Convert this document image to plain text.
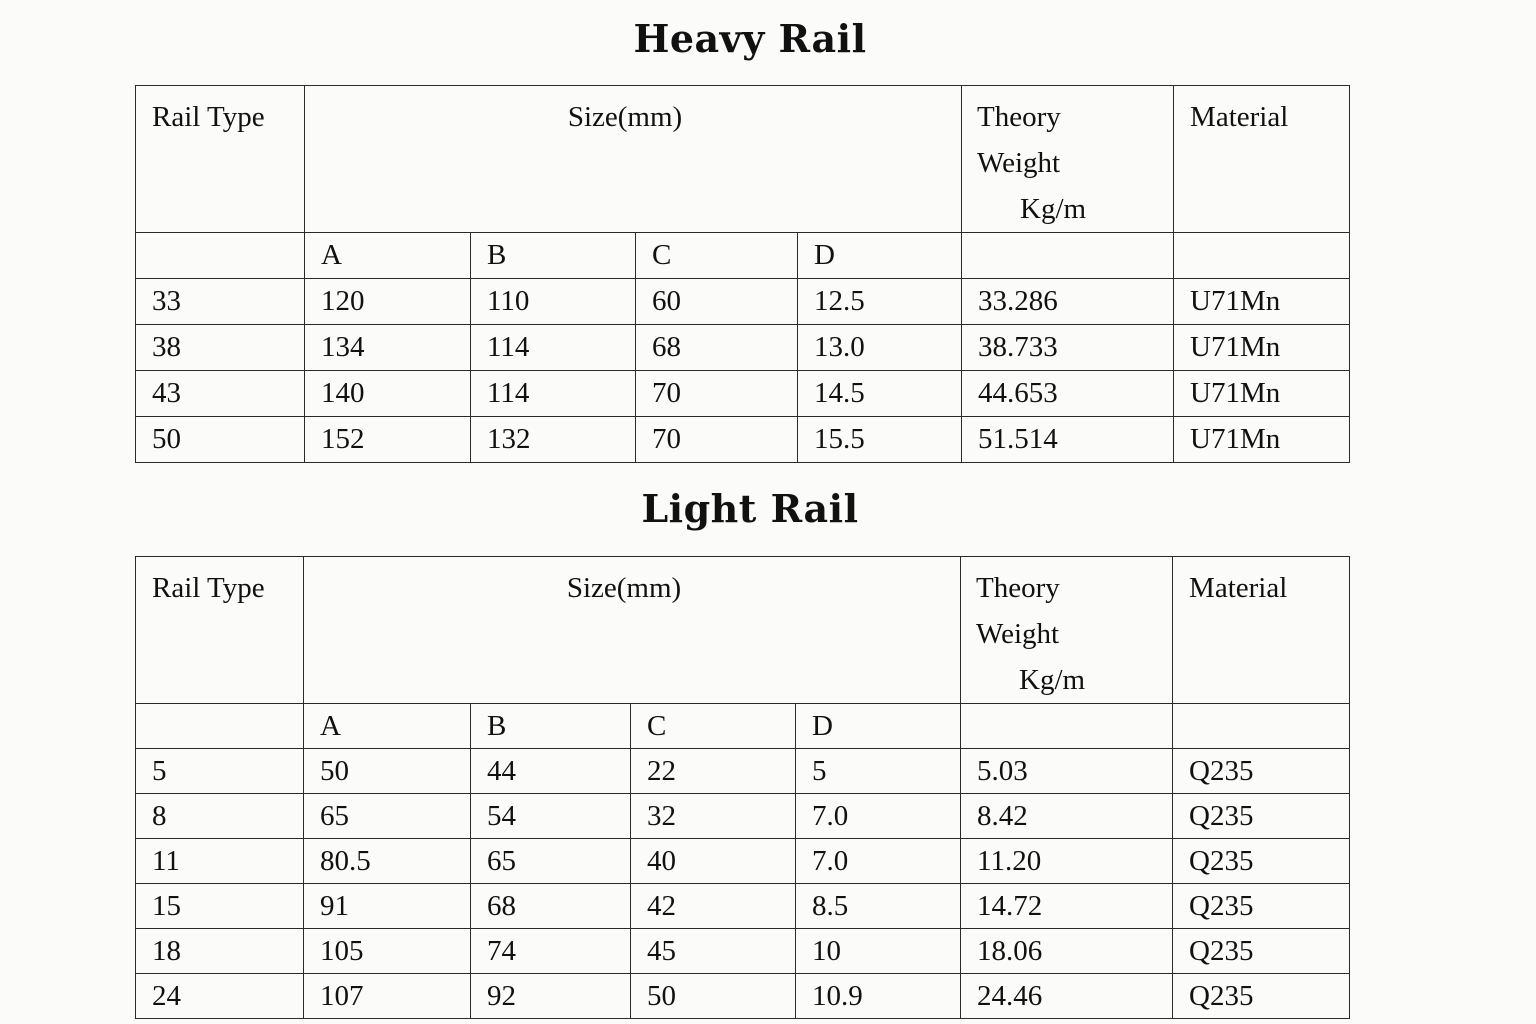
Heavy Rail
Rail Type	Size(mm)				Theory
Weight
Kg/m	Material
	A	B	C	D		
33	120	110	60	12.5	33.286	U71Mn
38	134	114	68	13.0	38.733	U71Mn
43	140	114	70	14.5	44.653	U71Mn
50	152	132	70	15.5	51.514	U71Mn
Light Rail
Rail Type	Size(mm)				Theory
Weight
Kg/m	Material
	A	B	C	D		
5	50	44	22	5	5.03	Q235
8	65	54	32	7.0	8.42	Q235
11	80.5	65	40	7.0	11.20	Q235
15	91	68	42	8.5	14.72	Q235
18	105	74	45	10	18.06	Q235
24	107	92	50	10.9	24.46	Q235
